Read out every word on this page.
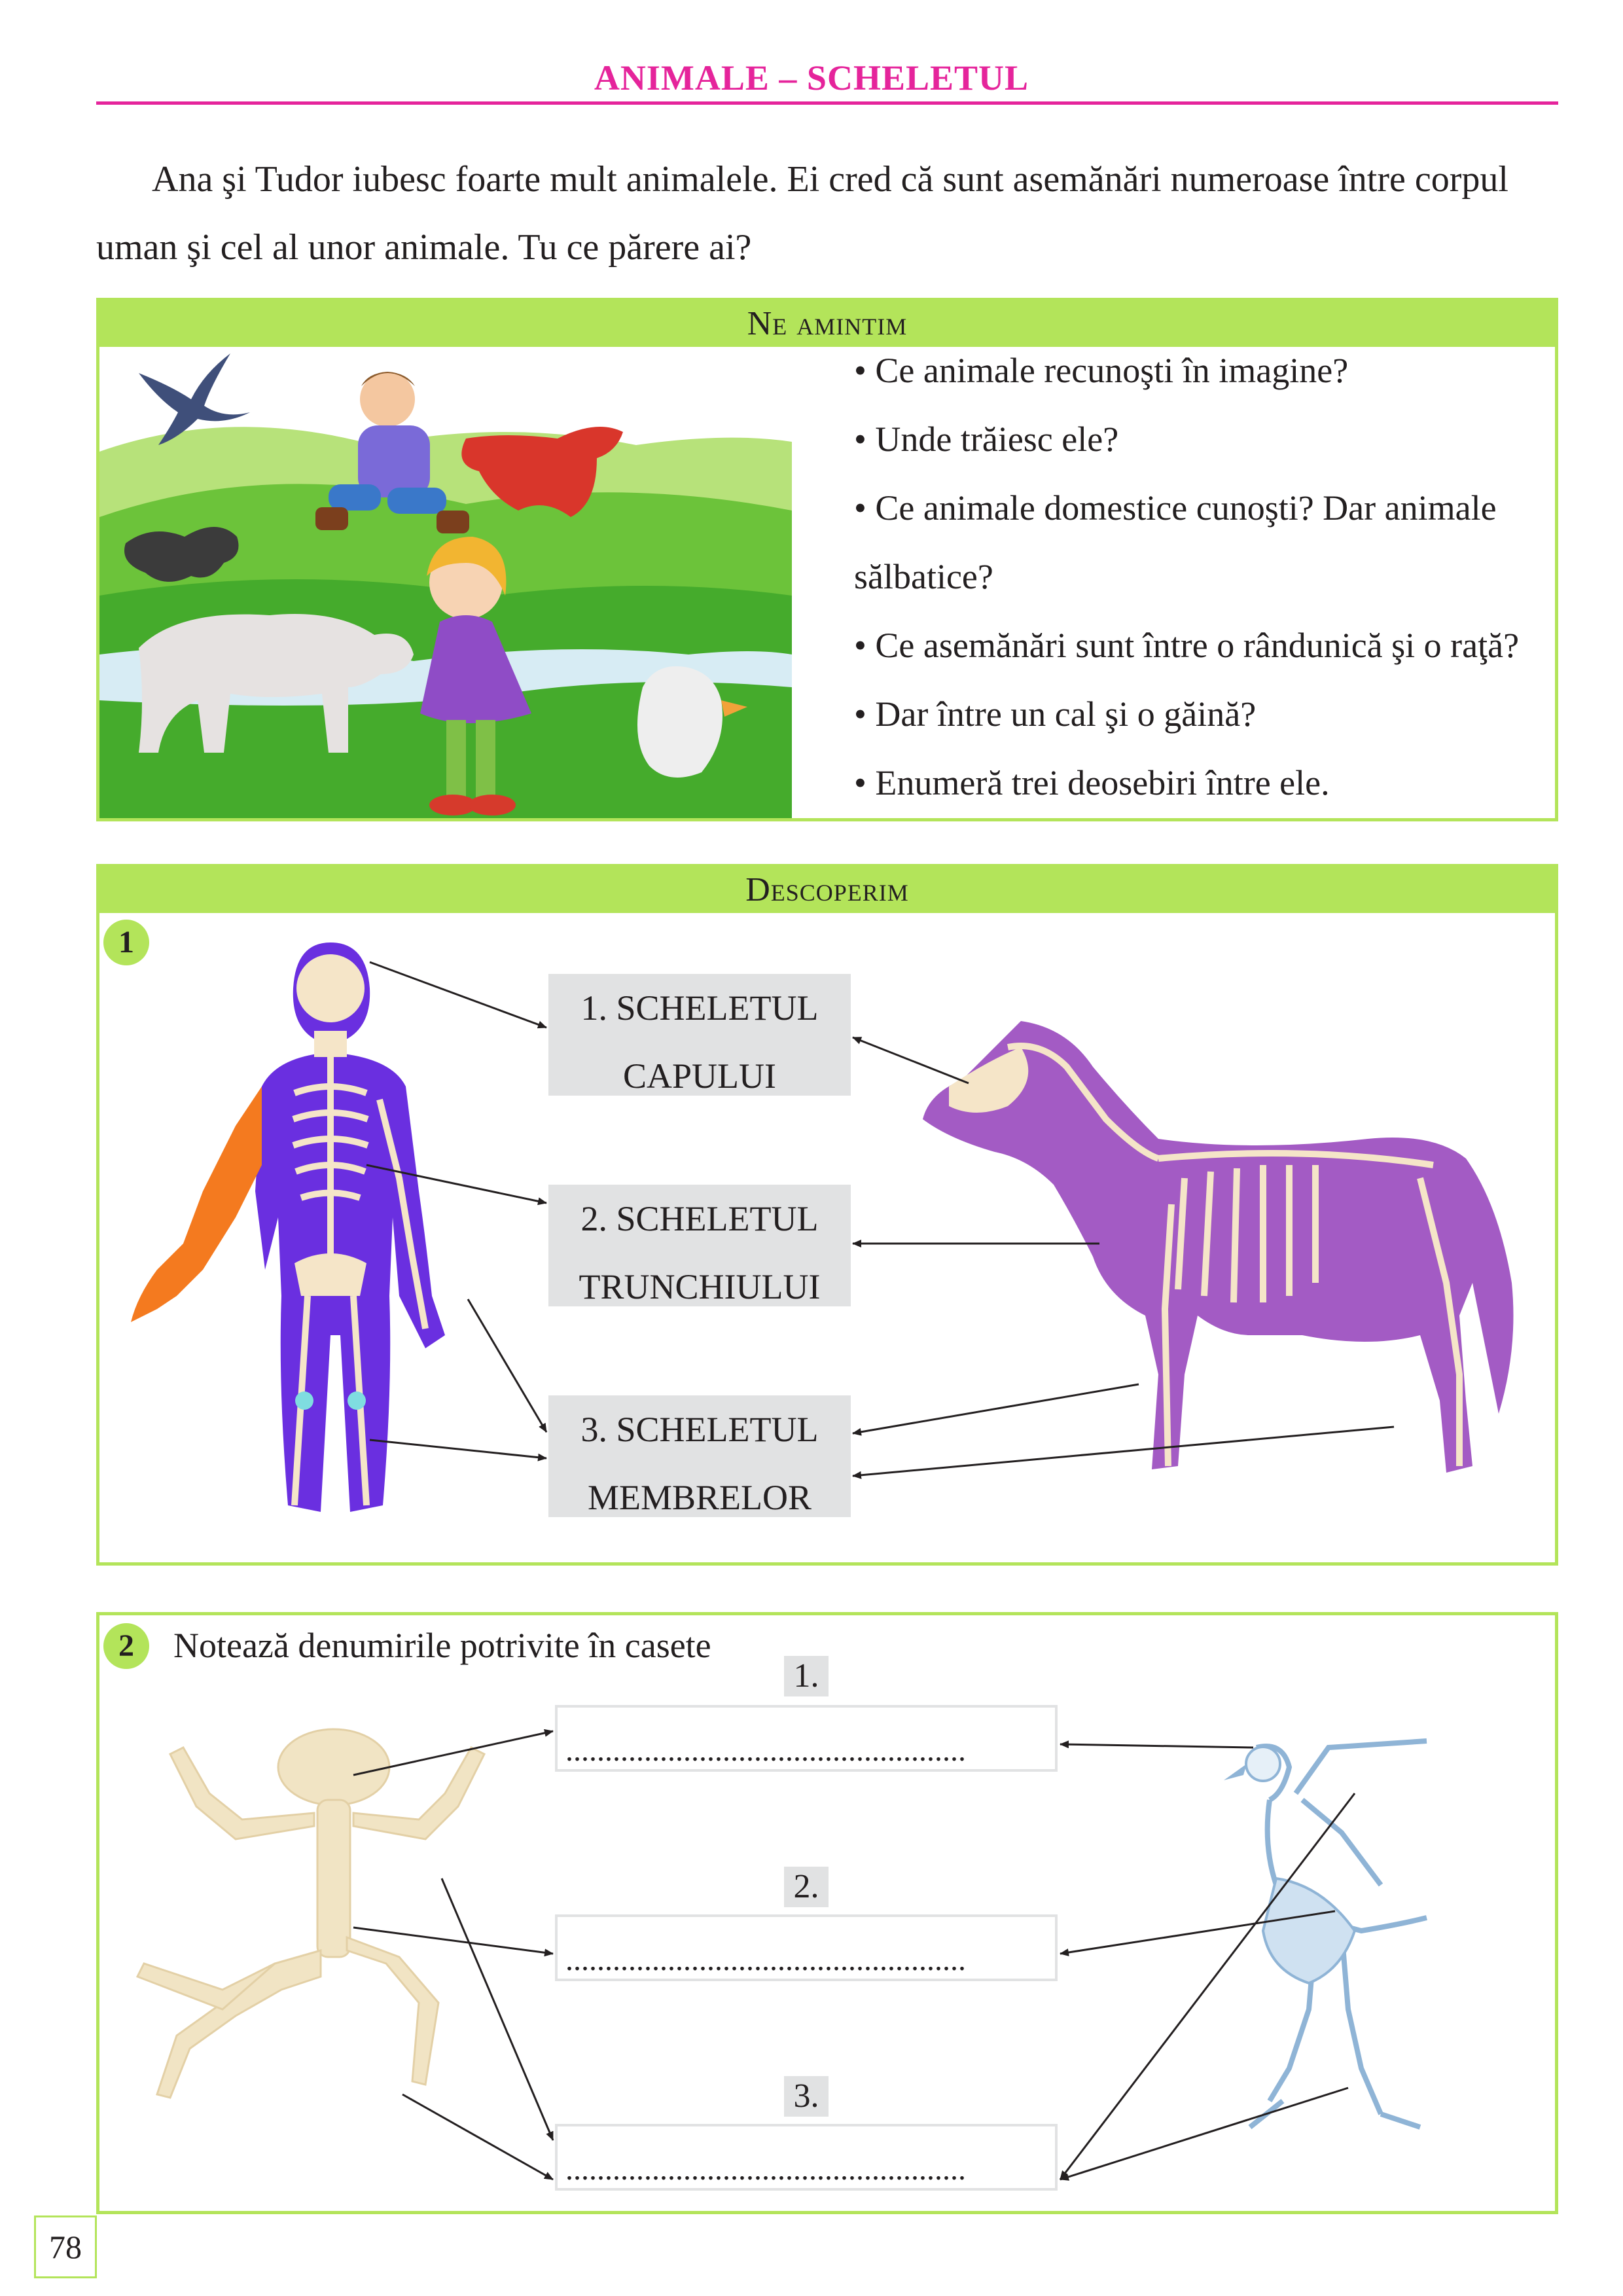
ANIMALE – SCHELETUL
Ana şi Tudor iubesc foarte mult animalele. Ei cred că sunt asemănări numeroase între corpul
uman şi cel al unor animale. Tu ce părere ai?
Ne amintim
• Ce animale recunoşti în imagine?
• Unde trăiesc ele?
• Ce animale domestice cunoşti? Dar animale
sălbatice?
• Ce asemănări sunt între o rândunică şi o raţă?
• Dar între un cal şi o găină?
• Enumeră trei deosebiri între ele.
Descoperim
1
1. SCHELETUL
CAPULUI
2. SCHELETUL
TRUNCHIULUI
3. SCHELETUL
MEMBRELOR
2	Notează denumirile potrivite în casete
1.
...................................................
2.
...................................................
3.
...................................................
78
